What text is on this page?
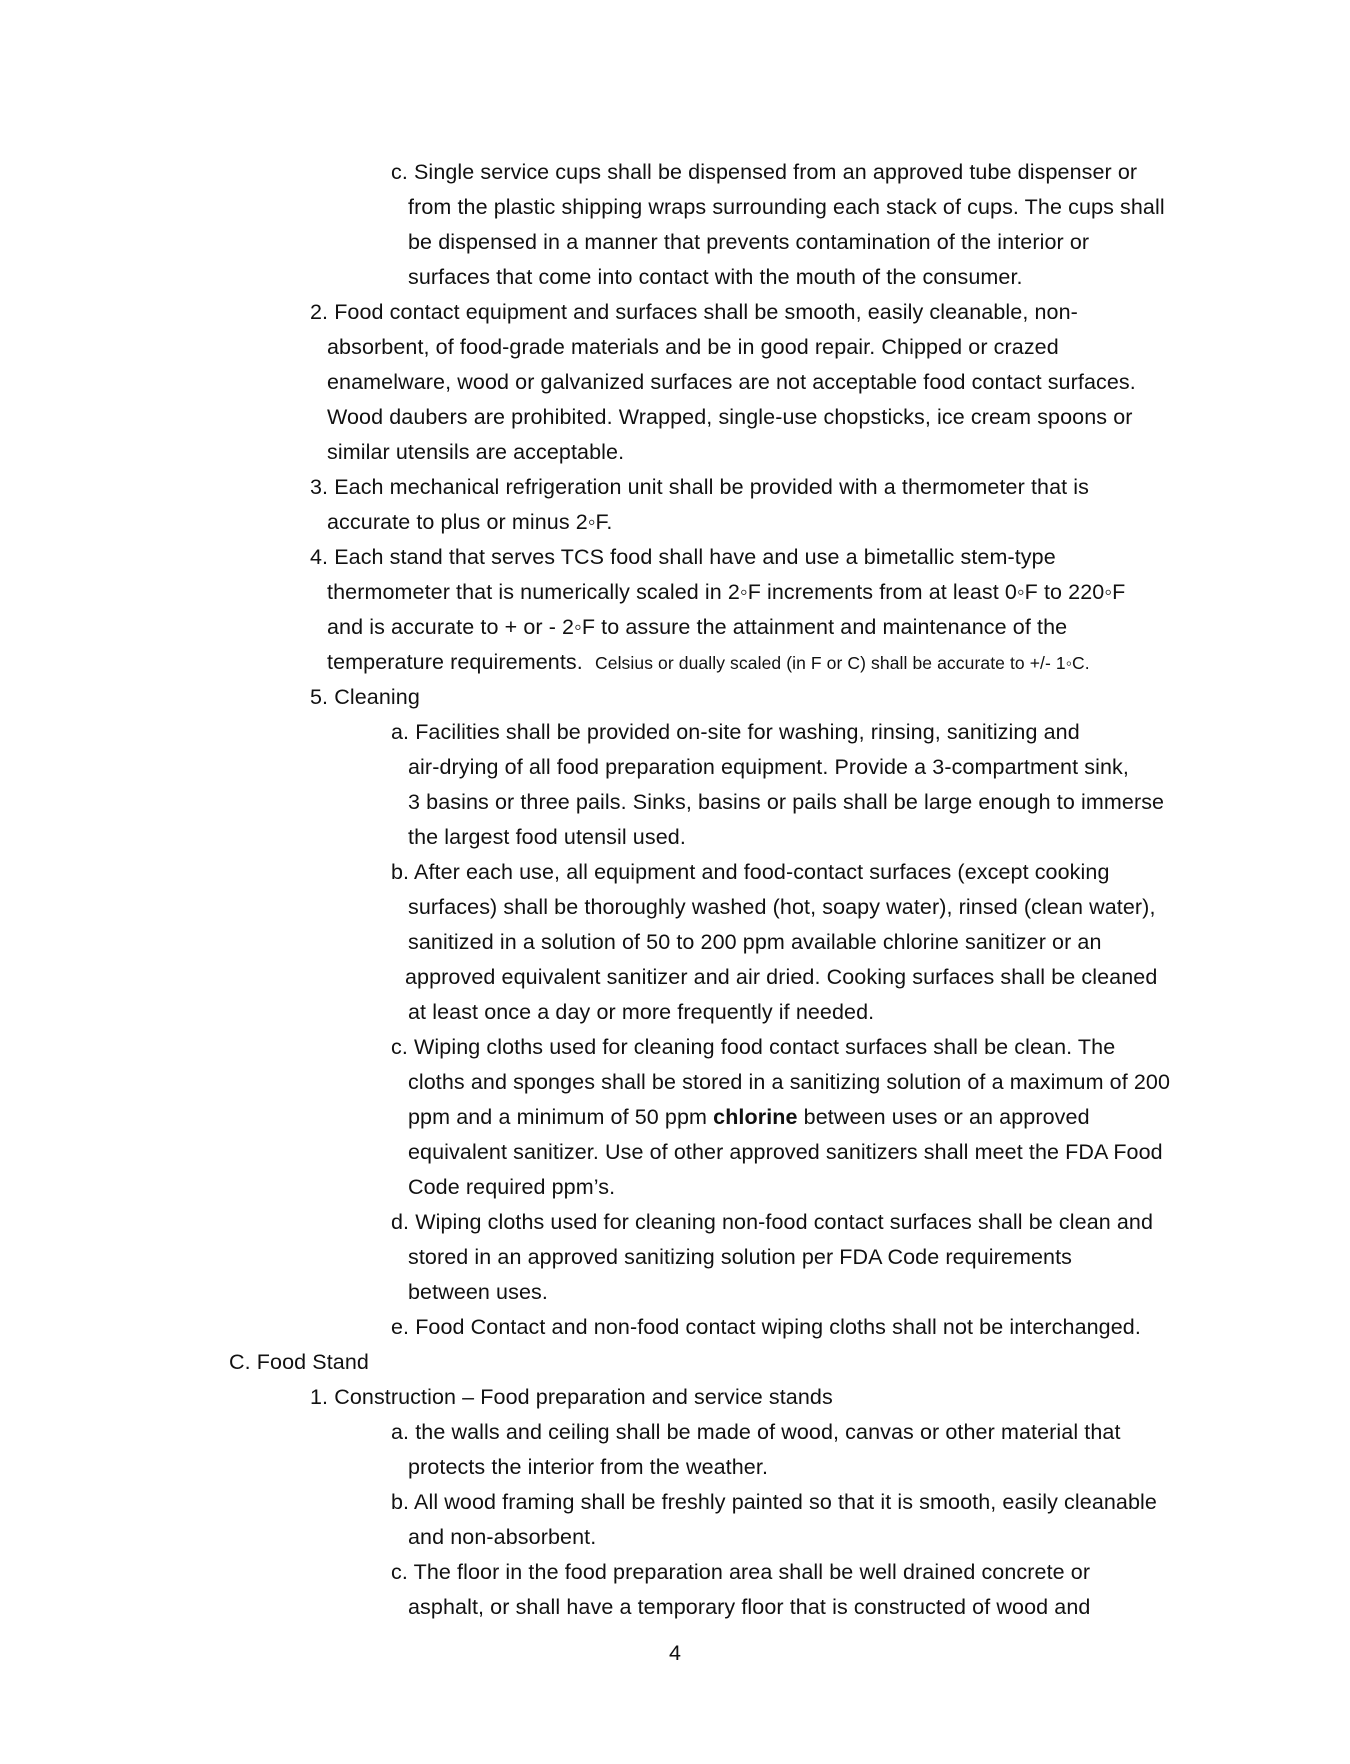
c. Single service cups shall be dispensed from an approved tube dispenser or
from the plastic shipping wraps surrounding each stack of cups. The cups shall
be dispensed in a manner that prevents contamination of the interior or
surfaces that come into contact with the mouth of the consumer.
2. Food contact equipment and surfaces shall be smooth, easily cleanable, non-
absorbent, of food-grade materials and be in good repair. Chipped or crazed
enamelware, wood or galvanized surfaces are not acceptable food contact surfaces.
Wood daubers are prohibited. Wrapped, single-use chopsticks, ice cream spoons or
similar utensils are acceptable.
3. Each mechanical refrigeration unit shall be provided with a thermometer that is
accurate to plus or minus 2◦F.
4. Each stand that serves TCS food shall have and use a bimetallic stem-type
thermometer that is numerically scaled in 2◦F increments from at least 0◦F to 220◦F
and is accurate to + or - 2◦F to assure the attainment and maintenance of the
temperature requirements. Celsius or dually scaled (in F or C) shall be accurate to +/- 1◦C.
5. Cleaning
a. Facilities shall be provided on-site for washing, rinsing, sanitizing and
air-drying of all food preparation equipment. Provide a 3-compartment sink,
3 basins or three pails. Sinks, basins or pails shall be large enough to immerse
the largest food utensil used.
b. After each use, all equipment and food-contact surfaces (except cooking
surfaces) shall be thoroughly washed (hot, soapy water), rinsed (clean water),
sanitized in a solution of 50 to 200 ppm available chlorine sanitizer or an
approved equivalent sanitizer and air dried. Cooking surfaces shall be cleaned
at least once a day or more frequently if needed.
c. Wiping cloths used for cleaning food contact surfaces shall be clean. The
cloths and sponges shall be stored in a sanitizing solution of a maximum of 200
ppm and a minimum of 50 ppm chlorine between uses or an approved
equivalent sanitizer. Use of other approved sanitizers shall meet the FDA Food
Code required ppm’s.
d. Wiping cloths used for cleaning non-food contact surfaces shall be clean and
stored in an approved sanitizing solution per FDA Code requirements
between uses.
e. Food Contact and non-food contact wiping cloths shall not be interchanged.
C. Food Stand
1. Construction – Food preparation and service stands
a. the walls and ceiling shall be made of wood, canvas or other material that
protects the interior from the weather.
b. All wood framing shall be freshly painted so that it is smooth, easily cleanable
and non-absorbent.
c. The floor in the food preparation area shall be well drained concrete or
asphalt, or shall have a temporary floor that is constructed of wood and
4
